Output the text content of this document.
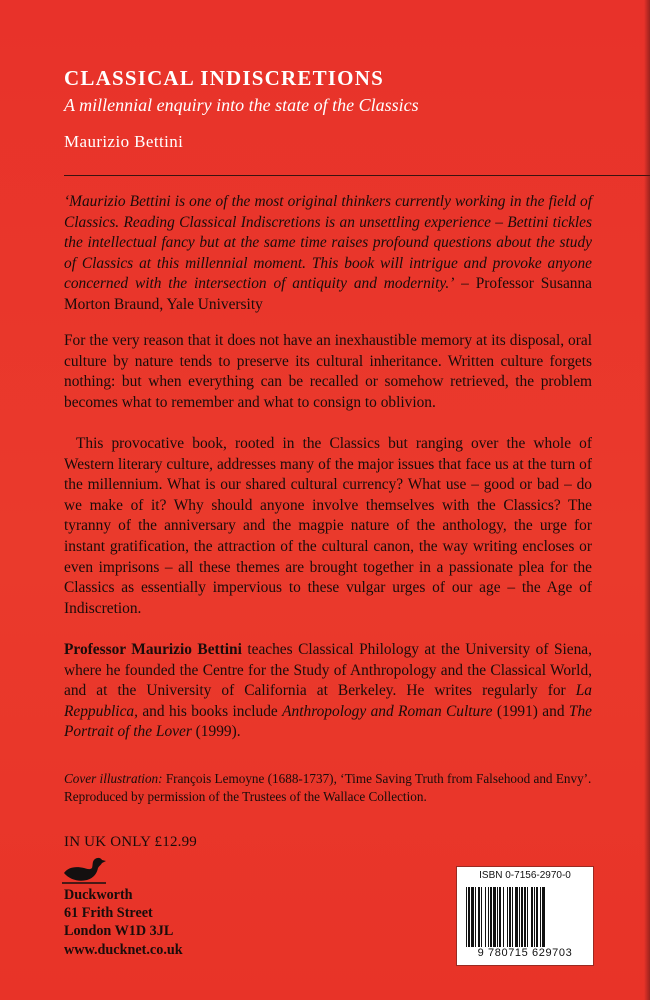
CLASSICAL INDISCRETIONS

A millennial enquiry into the state of the Classics

Maurizio Bettini

‘Maurizio Bettini is one of the most original thinkers currently working in the field of Classics. Reading Classical Indiscretions is an unsettling experience – Bettini tickles the intellectual fancy but at the same time raises profound questions about the study of Classics at this millennial moment. This book will intrigue and provoke anyone concerned with the intersection of antiquity and modernity.’ – Professor Susanna Morton Braund, Yale University

For the very reason that it does not have an inexhaustible memory at its disposal, oral culture by nature tends to preserve its cultural inheritance. Written culture forgets nothing: but when everything can be recalled or somehow retrieved, the problem becomes what to remember and what to consign to oblivion.

This provocative book, rooted in the Classics but ranging over the whole of Western literary culture, addresses many of the major issues that face us at the turn of the millennium. What is our shared cultural currency? What use – good or bad – do we make of it? Why should anyone involve themselves with the Classics? The tyranny of the anniversary and the magpie nature of the anthology, the urge for instant gratification, the attraction of the cultural canon, the way writing encloses or even imprisons – all these themes are brought together in a passionate plea for the Classics as essentially impervious to these vulgar urges of our age – the Age of Indiscretion.

Professor Maurizio Bettini teaches Classical Philology at the University of Siena, where he founded the Centre for the Study of Anthropology and the Classical World, and at the University of California at Berkeley. He writes regularly for La Reppublica, and his books include Anthropology and Roman Culture (1991) and The Portrait of the Lover (1999).

Cover illustration: François Lemoyne (1688-1737), ‘Time Saving Truth from Falsehood and Envy’. Reproduced by permission of the Trustees of the Wallace Collection.

IN UK ONLY £12.99

Duckworth
61 Frith Street
London W1D 3JL
www.ducknet.co.uk
ISBN 0-7156-2970-0
9 780715 629703
